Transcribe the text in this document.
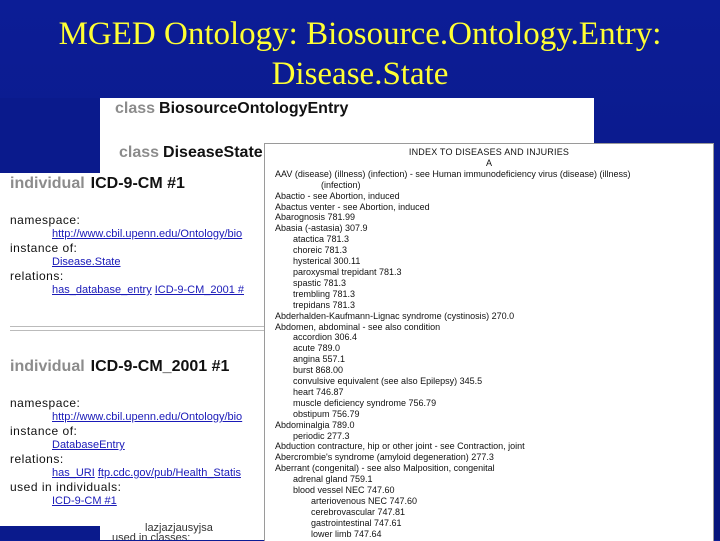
MGED Ontology: Biosource.Ontology.Entry:
Disease.State
class BiosourceOntologyEntry
class DiseaseState
individual ICD-9-CM #1
namespace:
http://www.cbil.upenn.edu/Ontology/bio
instance of:
Disease.State
relations:
has_database_entry ICD-9-CM_2001 #
individual ICD-9-CM_2001 #1
namespace:
http://www.cbil.upenn.edu/Ontology/bio
instance of:
DatabaseEntry
relations:
has_URI ftp.cdc.gov/pub/Health_Statis
used in individuals:
ICD-9-CM #1
lazjazjausyjsa
used in classes:
INDEX TO DISEASES AND INJURIES
A
AAV (disease) (illness) (infection) - see Human immunodeficiency virus (disease) (illness)
(infection)
Abactio - see Abortion, induced
Abactus venter - see Abortion, induced
Abarognosis 781.99
Abasia (-astasia) 307.9
atactica 781.3
choreic 781.3
hysterical 300.11
paroxysmal trepidant 781.3
spastic 781.3
trembling 781.3
trepidans 781.3
Abderhalden-Kaufmann-Lignac syndrome (cystinosis) 270.0
Abdomen, abdominal - see also condition
accordion 306.4
acute 789.0
angina 557.1
burst 868.00
convulsive equivalent (see also Epilepsy) 345.5
heart 746.87
muscle deficiency syndrome 756.79
obstipum 756.79
Abdominalgia 789.0
periodic 277.3
Abduction contracture, hip or other joint - see Contraction, joint
Abercrombie's syndrome (amyloid degeneration) 277.3
Aberrant (congenital) - see also Malposition, congenital
adrenal gland 759.1
blood vessel NEC 747.60
arteriovenous NEC 747.60
cerebrovascular 747.81
gastrointestinal 747.61
lower limb 747.64
